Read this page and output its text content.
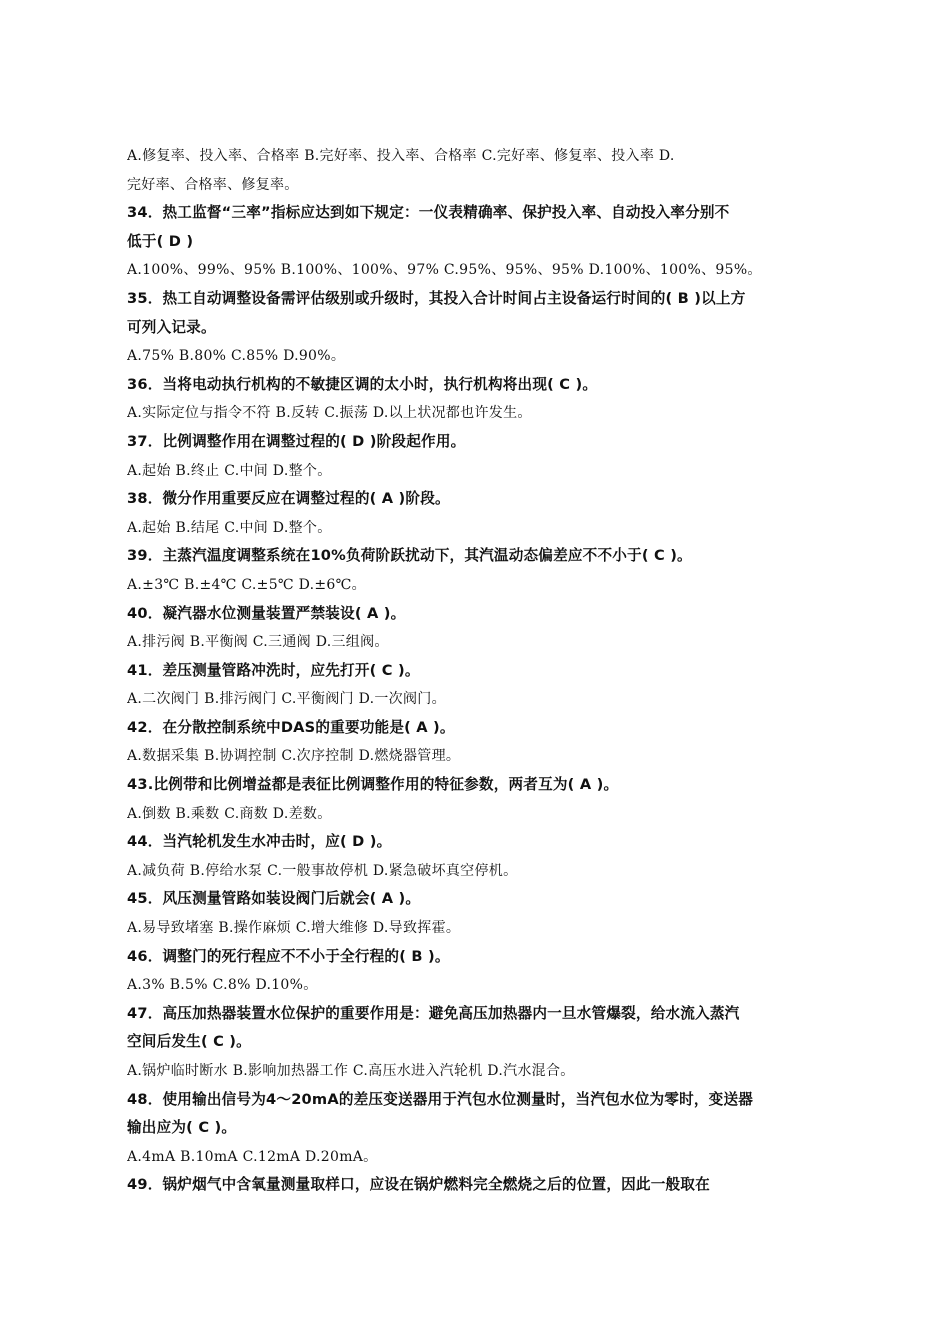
A.修复率、投入率、合格率 B.完好率、投入率、合格率 C.完好率、修复率、投入率 D.
完好率、合格率、修复率。
34．热工监督“三率”指标应达到如下规定：一仪表精确率、保护投入率、自动投入率分别不
低于( D )
A.100%、99%、95% B.100%、100%、97% C.95%、95%、95% D.100%、100%、95%。
35．热工自动调整设备需评估级别或升级时，其投入合计时间占主设备运行时间的( B )以上方
可列入记录。
A.75% B.80% C.85% D.90%。
36．当将电动执行机构的不敏捷区调的太小时，执行机构将出现( C )。
A.实际定位与指令不符 B.反转 C.振荡 D.以上状况都也许发生。
37．比例调整作用在调整过程的( D )阶段起作用。
A.起始 B.终止 C.中间 D.整个。
38．微分作用重要反应在调整过程的( A )阶段。
A.起始 B.结尾 C.中间 D.整个。
39．主蒸汽温度调整系统在10%负荷阶跃扰动下，其汽温动态偏差应不不小于( C )。
A.±3℃ B.±4℃ C.±5℃ D.±6℃。
40．凝汽器水位测量装置严禁装设( A )。
A.排污阀 B.平衡阀 C.三通阀 D.三组阀。
41．差压测量管路冲洗时，应先打开( C )。
A.二次阀门 B.排污阀门 C.平衡阀门 D.一次阀门。
42．在分散控制系统中DAS的重要功能是( A )。
A.数据采集 B.协调控制 C.次序控制 D.燃烧器管理。
43.比例带和比例增益都是表征比例调整作用的特征参数，两者互为( A )。
A.倒数 B.乘数 C.商数 D.差数。
44．当汽轮机发生水冲击时，应( D )。
A.减负荷 B.停给水泵 C.一般事故停机 D.紧急破坏真空停机。
45．风压测量管路如装设阀门后就会( A )。
A.易导致堵塞 B.操作麻烦 C.增大维修 D.导致挥霍。
46．调整门的死行程应不不小于全行程的( B )。
A.3% B.5% C.8% D.10%。
47．高压加热器装置水位保护的重要作用是：避免高压加热器内一旦水管爆裂，给水流入蒸汽
空间后发生( C )。
A.锅炉临时断水 B.影响加热器工作 C.高压水进入汽轮机 D.汽水混合。
48．使用输出信号为4～20mA的差压变送器用于汽包水位测量时，当汽包水位为零时，变送器
输出应为( C )。
A.4mA B.10mA C.12mA D.20mA。
49．锅炉烟气中含氧量测量取样口，应设在锅炉燃料完全燃烧之后的位置，因此一般取在
